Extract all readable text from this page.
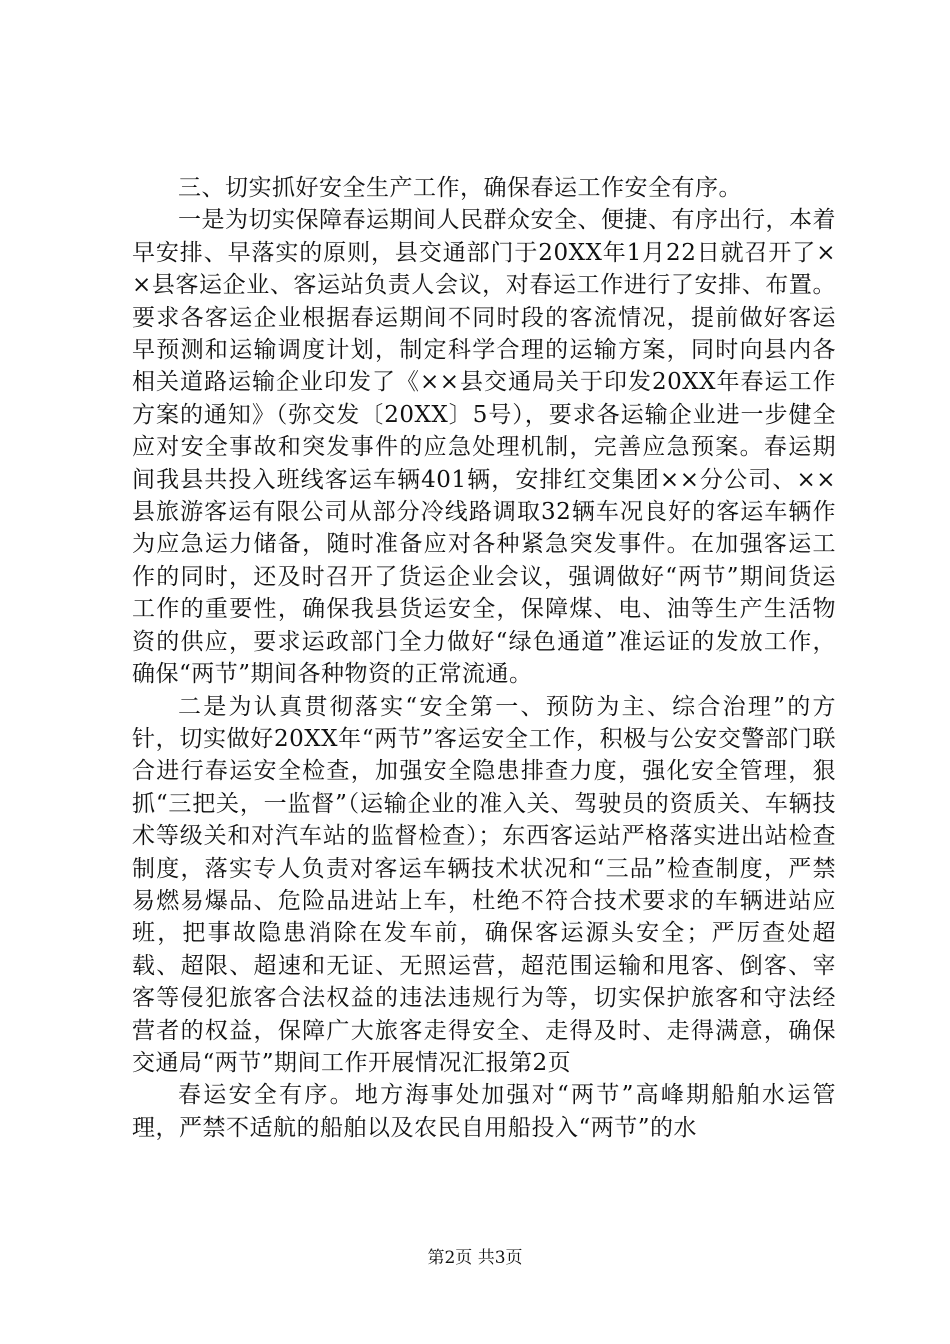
三、切实抓好安全生产工作，确保春运工作安全有序。

一是为切实保障春运期间人民群众安全、便捷、有序出行，本着早安排、早落实的原则，县交通部门于20XX年1月22日就召开了××县客运企业、客运站负责人会议，对春运工作进行了安排、布置。要求各客运企业根据春运期间不同时段的客流情况，提前做好客运早预测和运输调度计划，制定科学合理的运输方案，同时向县内各相关道路运输企业印发了《××县交通局关于印发20XX年春运工作方案的通知》（弥交发〔20XX〕5号），要求各运输企业进一步健全应对安全事故和突发事件的应急处理机制，完善应急预案。春运期间我县共投入班线客运车辆401辆，安排红交集团××分公司、××县旅游客运有限公司从部分冷线路调取32辆车况良好的客运车辆作为应急运力储备，随时准备应对各种紧急突发事件。在加强客运工作的同时，还及时召开了货运企业会议，强调做好“两节”期间货运工作的重要性，确保我县货运安全，保障煤、电、油等生产生活物资的供应，要求运政部门全力做好“绿色通道”准运证的发放工作，确保“两节”期间各种物资的正常流通。

二是为认真贯彻落实“安全第一、预防为主、综合治理”的方针，切实做好20XX年“两节”客运安全工作，积极与公安交警部门联合进行春运安全检查，加强安全隐患排查力度，强化安全管理，狠抓“三把关，一监督”（运输企业的准入关、驾驶员的资质关、车辆技术等级关和对汽车站的监督检查）；东西客运站严格落实进出站检查制度，落实专人负责对客运车辆技术状况和“三品”检查制度，严禁易燃易爆品、危险品进站上车，杜绝不符合技术要求的车辆进站应班，把事故隐患消除在发车前，确保客运源头安全；严厉查处超载、超限、超速和无证、无照运营，超范围运输和甩客、倒客、宰客等侵犯旅客合法权益的违法违规行为等，切实保护旅客和守法经营者的权益，保障广大旅客走得安全、走得及时、走得满意，确保交通局“两节”期间工作开展情况汇报第2页

春运安全有序。地方海事处加强对“两节”高峰期船舶水运管理，严禁不适航的船舶以及农民自用船投入“两节”的水

第2页 共3页
